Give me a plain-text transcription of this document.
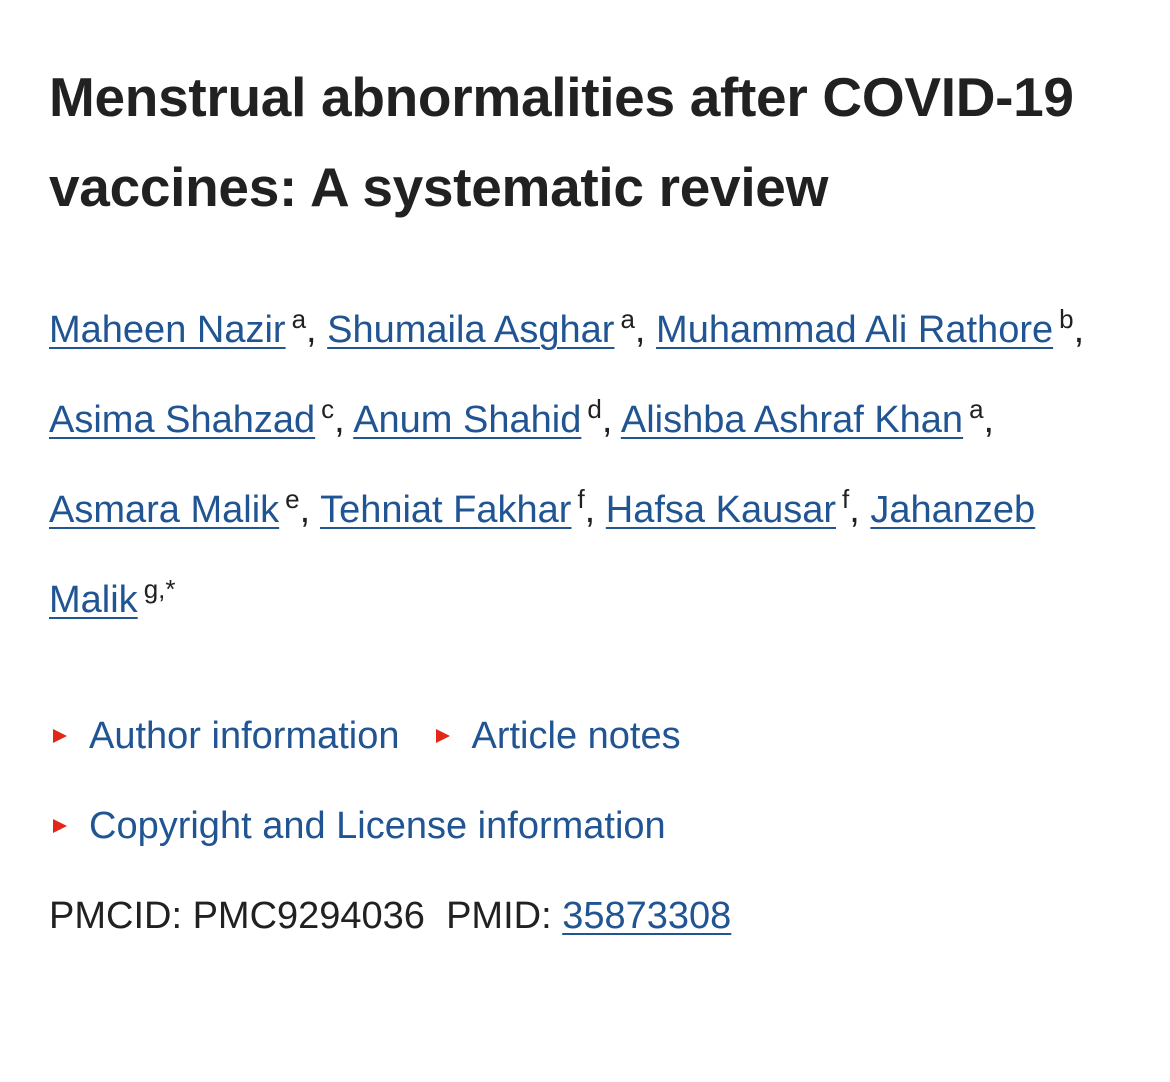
Menstrual abnormalities after COVID-19 vaccines: A systematic review
Maheen Nazir $^a$, Shumaila Asghar $^a$, Muhammad Ali Rathore $^b$, Asima Shahzad $^c$, Anum Shahid $^d$, Alishba Ashraf Khan $^a$, Asmara Malik $^e$, Tehniat Fakhar $^f$, Hafsa Kausar $^f$, Jahanzeb Malik $^{g,*}$
Author information Article notes
Copyright and License information
PMCID: PMC9294036 PMID: 35873308
